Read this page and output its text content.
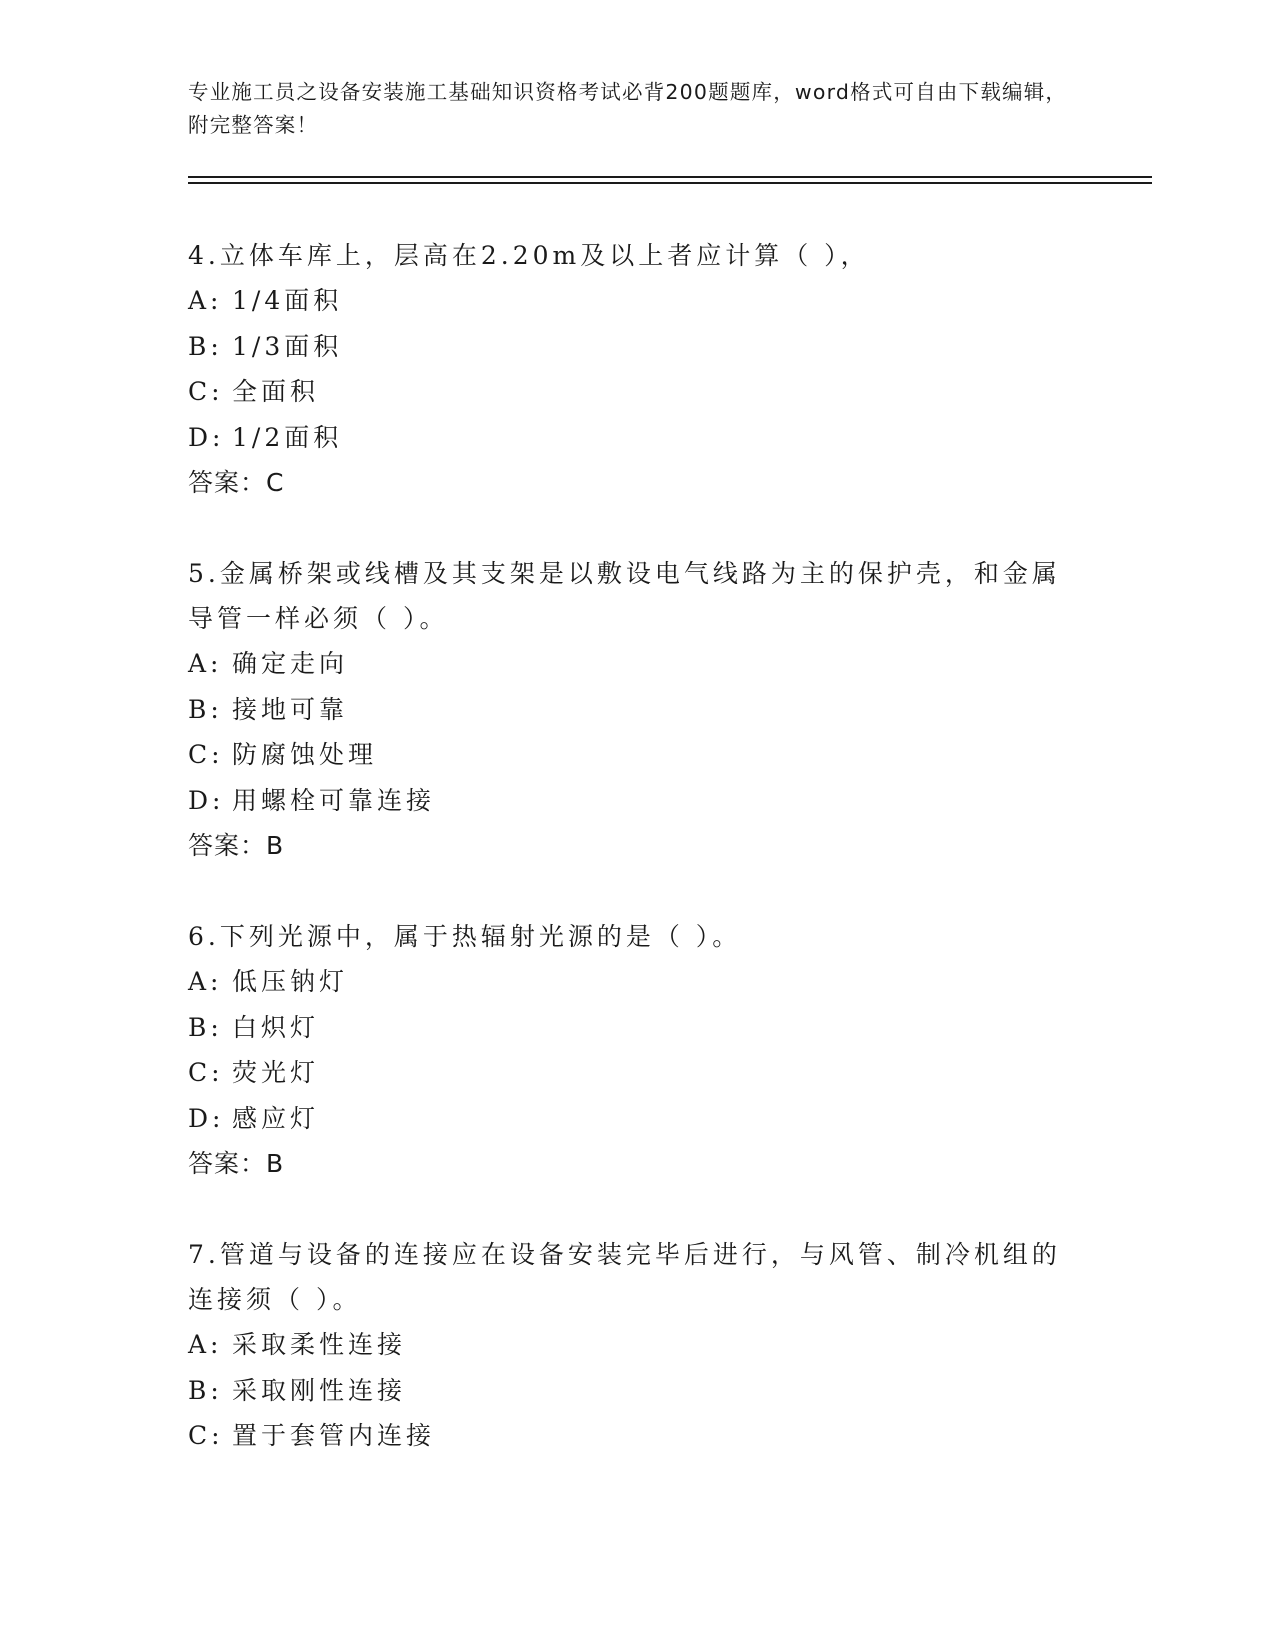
专业施工员之设备安装施工基础知识资格考试必背200题题库，word格式可自由下载编辑，附完整答案！
4.立体车库上，层高在2.20m及以上者应计算（ ），
A: 1/4面积
B: 1/3面积
C: 全面积
D: 1/2面积
答案：C
5.金属桥架或线槽及其支架是以敷设电气线路为主的保护壳，和金属导管一样必须（ ）。
A: 确定走向
B: 接地可靠
C: 防腐蚀处理
D: 用螺栓可靠连接
答案：B
6.下列光源中，属于热辐射光源的是（ ）。
A: 低压钠灯
B: 白炽灯
C: 荧光灯
D: 感应灯
答案：B
7.管道与设备的连接应在设备安装完毕后进行，与风管、制冷机组的连接须（ ）。
A: 采取柔性连接
B: 采取刚性连接
C: 置于套管内连接
